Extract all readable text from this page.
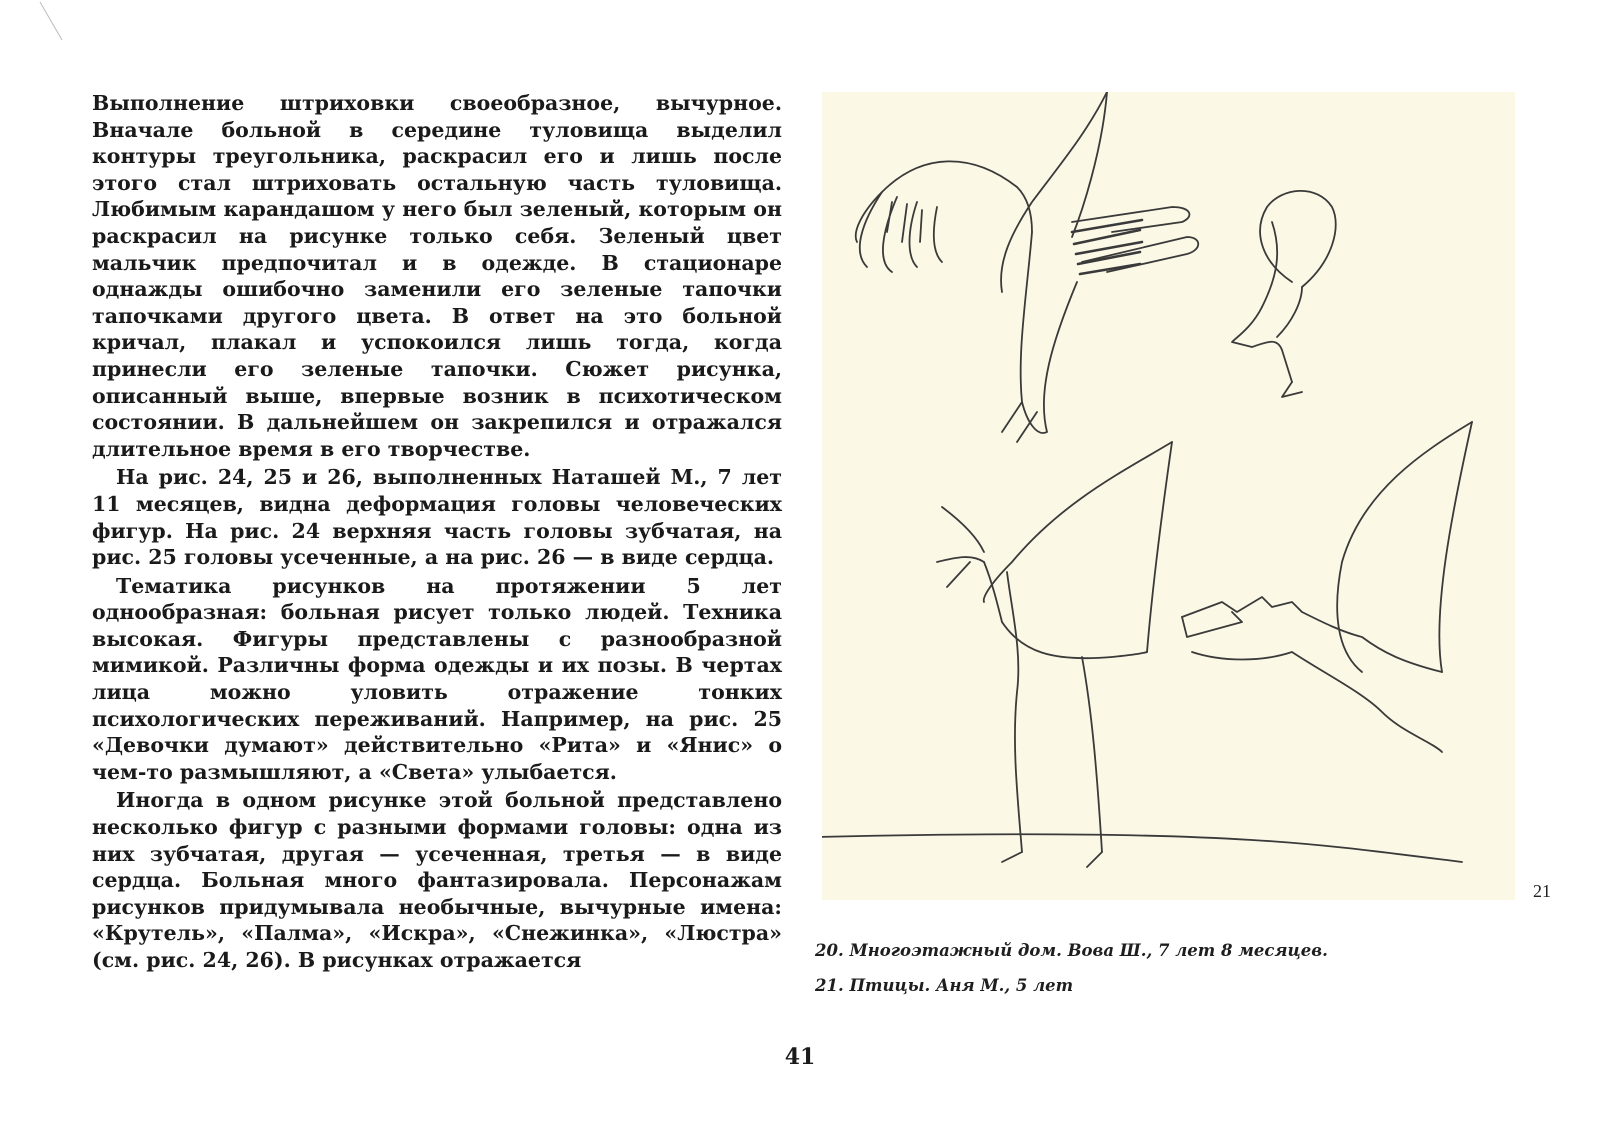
Выполнение штриховки своеобразное, вычурное. Вначале больной в середине туловища выделил контуры треугольника, раскрасил его и лишь после этого стал штриховать остальную часть туловища. Любимым карандашом у него был зеленый, которым он раскрасил на рисунке только себя. Зеленый цвет мальчик предпочитал и в одежде. В стационаре однажды ошибочно заменили его зеленые тапочки тапочками другого цвета. В ответ на это больной кричал, плакал и успокоился лишь тогда, когда принесли его зеленые тапочки. Сюжет рисунка, описанный выше, впервые возник в психотическом состоянии. В дальнейшем он закрепился и отражался длительное время в его творчестве.

На рис. 24, 25 и 26, выполненных Наташей М., 7 лет 11 месяцев, видна деформация головы человеческих фигур. На рис. 24 верхняя часть головы зубчатая, на рис. 25 головы усеченные, а на рис. 26 — в виде сердца.

Тематика рисунков на протяжении 5 лет однообразная: больная рисует только людей. Техника высокая. Фигуры представлены с разнообразной мимикой. Различны форма одежды и их позы. В чертах лица можно уловить отражение тонких психологических переживаний. Например, на рис. 25 «Девочки думают» действительно «Рита» и «Янис» о чем-то размышляют, а «Света» улыбается.

Иногда в одном рисунке этой больной представлено несколько фигур с разными формами головы: одна из них зубчатая, другая — усеченная, третья — в виде сердца. Больная много фантазировала. Персонажам рисунков придумывала необычные, вычурные имена: «Крутель», «Палма», «Искра», «Снежинка», «Люстра» (см. рис. 24, 26). В рисунках отражается

21

20. Многоэтажный дом. Вова Ш., 7 лет 8 месяцев.

21. Птицы. Аня М., 5 лет

41
